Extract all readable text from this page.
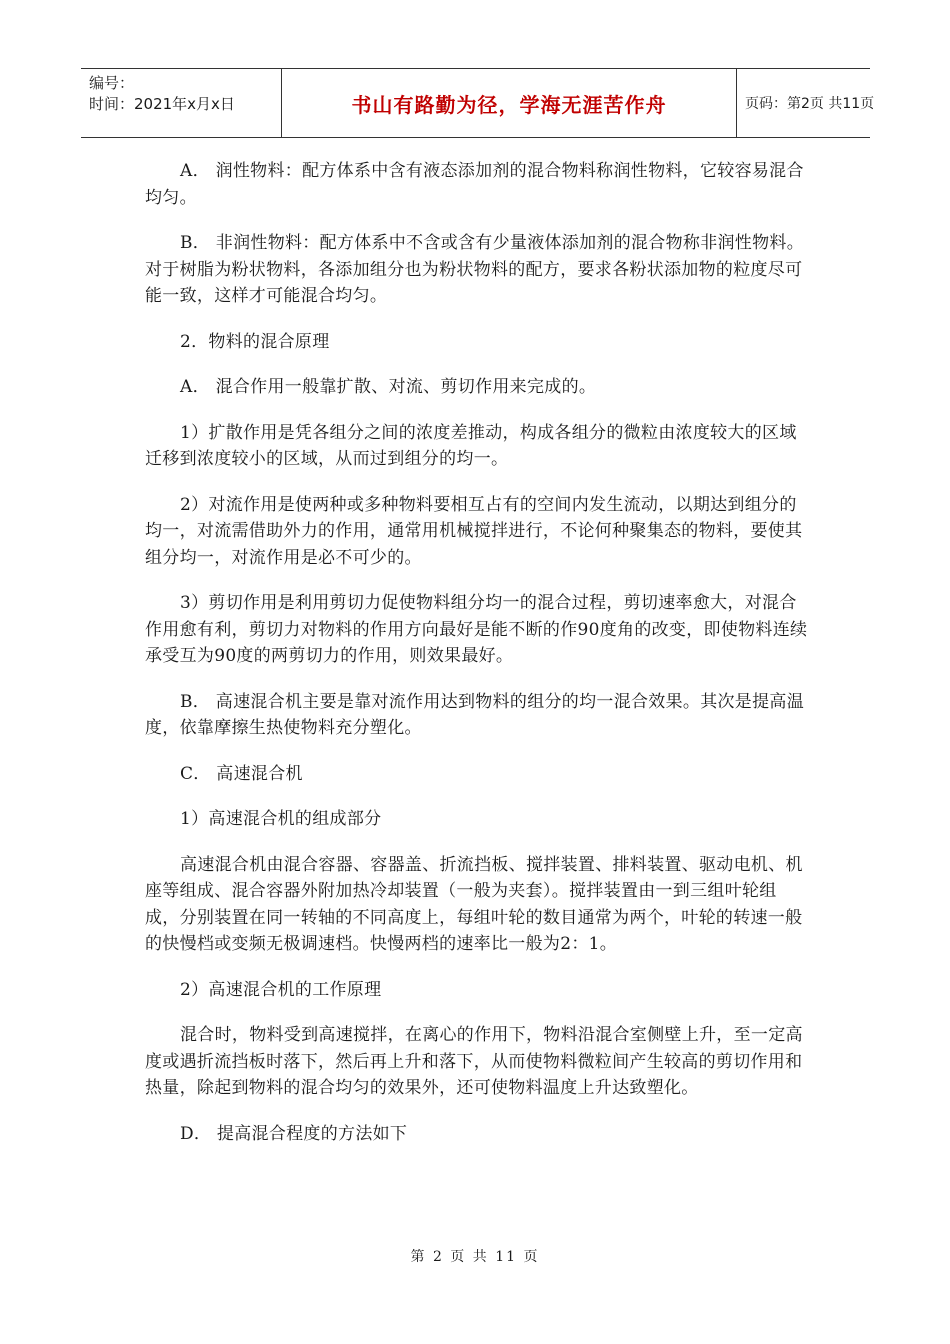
编号：
时间：2021年x月x日	书山有路勤为径，学海无涯苦作舟	页码：第2页 共11页

A． 润性物料：配方体系中含有液态添加剂的混合物料称润性物料，它较容易混合均匀。

B． 非润性物料：配方体系中不含或含有少量液体添加剂的混合物称非润性物料。对于树脂为粉状物料，各添加组分也为粉状物料的配方，要求各粉状添加物的粒度尽可能一致，这样才可能混合均匀。

2．物料的混合原理

A． 混合作用一般靠扩散、对流、剪切作用来完成的。

1）扩散作用是凭各组分之间的浓度差推动，构成各组分的微粒由浓度较大的区域迁移到浓度较小的区域，从而过到组分的均一。

2）对流作用是使两种或多种物料要相互占有的空间内发生流动，以期达到组分的均一，对流需借助外力的作用，通常用机械搅拌进行，不论何种聚集态的物料，要使其组分均一，对流作用是必不可少的。

3）剪切作用是利用剪切力促使物料组分均一的混合过程，剪切速率愈大，对混合作用愈有利，剪切力对物料的作用方向最好是能不断的作90度角的改变，即使物料连续承受互为90度的两剪切力的作用，则效果最好。

B． 高速混合机主要是靠对流作用达到物料的组分的均一混合效果。其次是提高温度，依靠摩擦生热使物料充分塑化。

C． 高速混合机

1）高速混合机的组成部分

高速混合机由混合容器、容器盖、折流挡板、搅拌装置、排料装置、驱动电机、机座等组成、混合容器外附加热冷却装置（一般为夹套）。搅拌装置由一到三组叶轮组成，分别装置在同一转轴的不同高度上，每组叶轮的数目通常为两个，叶轮的转速一般的快慢档或变频无极调速档。快慢两档的速率比一般为2：1。

2）高速混合机的工作原理

混合时，物料受到高速搅拌，在离心的作用下，物料沿混合室侧壁上升，至一定高度或遇折流挡板时落下，然后再上升和落下，从而使物料微粒间产生较高的剪切作用和热量，除起到物料的混合均匀的效果外，还可使物料温度上升达致塑化。

D． 提高混合程度的方法如下

第 2 页 共 11 页
